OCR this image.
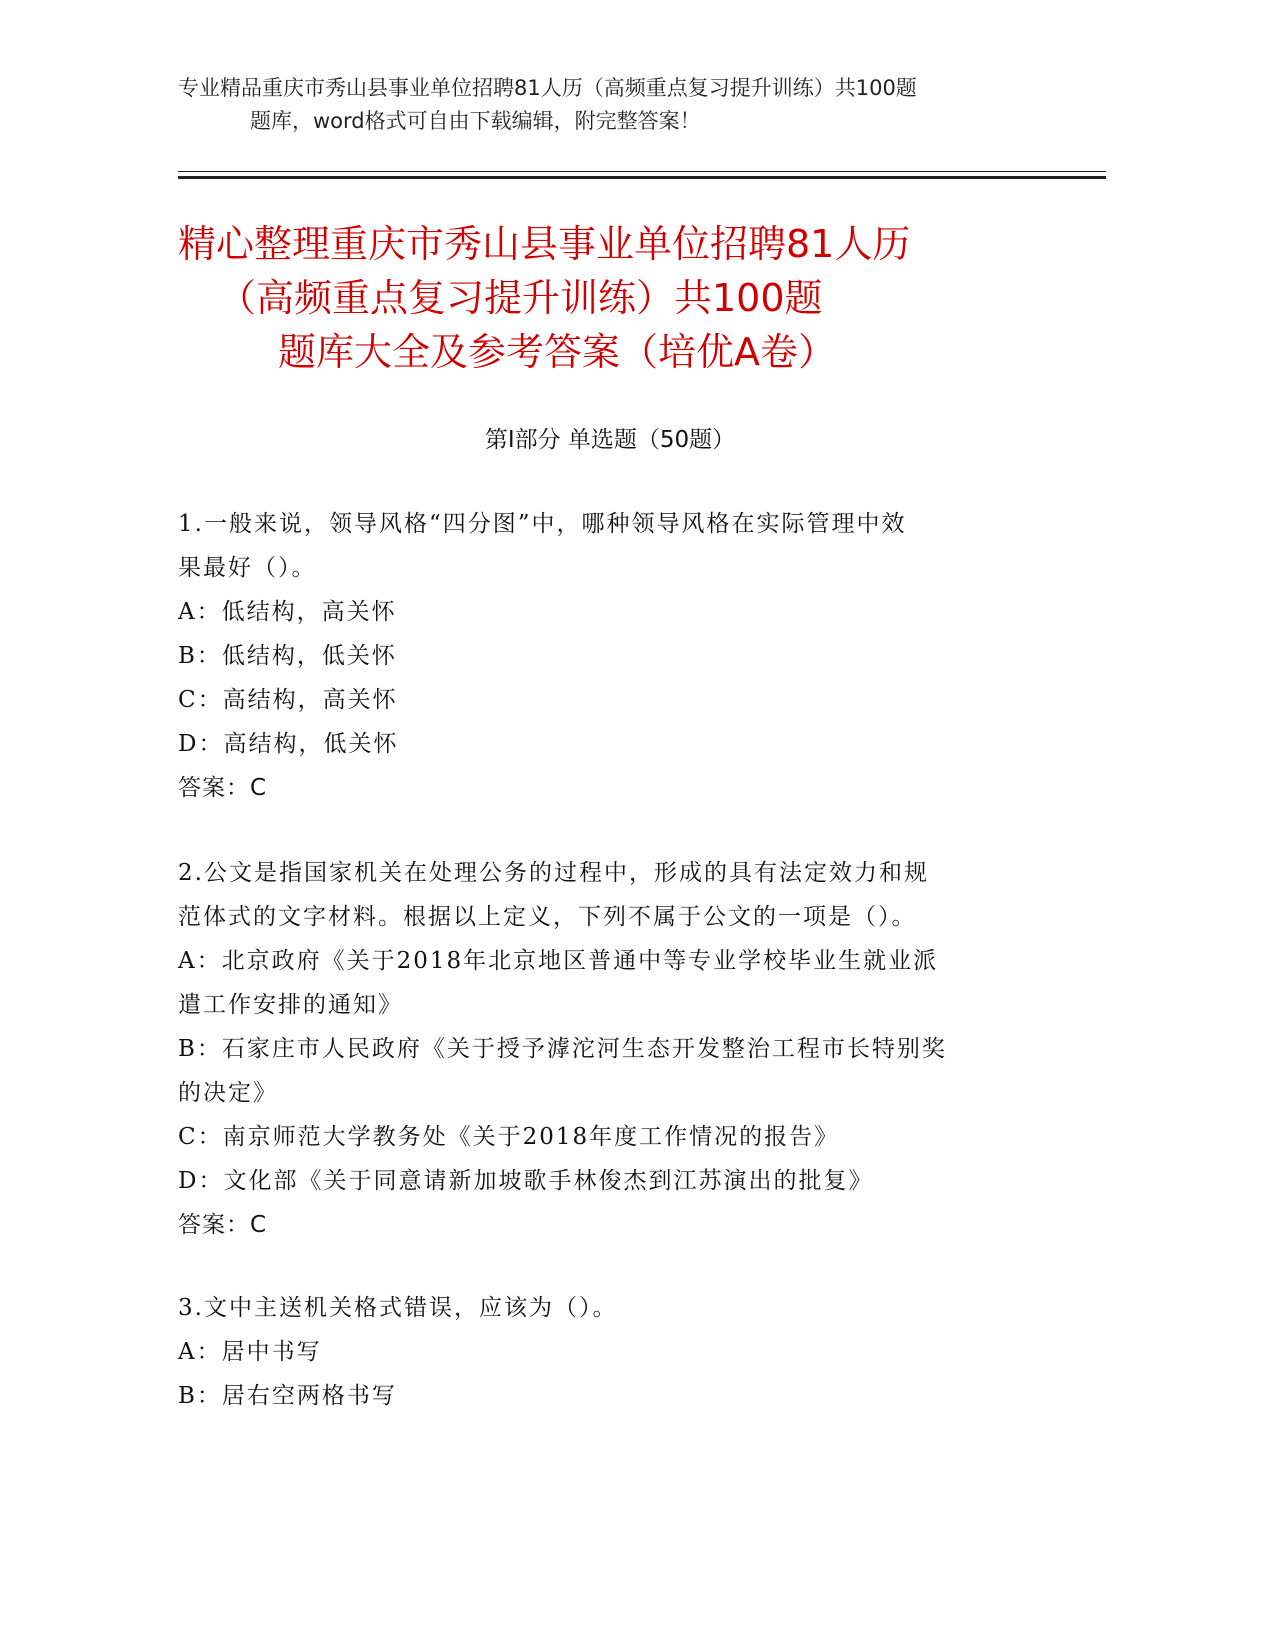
专业精品重庆市秀山县事业单位招聘81人历（高频重点复习提升训练）共100题
题库，word格式可自由下载编辑，附完整答案！
精心整理重庆市秀山县事业单位招聘81人历
（高频重点复习提升训练）共100题
题库大全及参考答案（培优A卷）
第Ⅰ部分 单选题（50题）
1.一般来说，领导风格“四分图”中，哪种领导风格在实际管理中效
果最好（）。
A：低结构，高关怀
B：低结构，低关怀
C：高结构，高关怀
D：高结构，低关怀
答案：C
2.公文是指国家机关在处理公务的过程中，形成的具有法定效力和规
范体式的文字材料。根据以上定义，下列不属于公文的一项是（）。
A：北京政府《关于2018年北京地区普通中等专业学校毕业生就业派
遣工作安排的通知》
B：石家庄市人民政府《关于授予滹沱河生态开发整治工程市长特别奖
的决定》
C：南京师范大学教务处《关于2018年度工作情况的报告》
D：文化部《关于同意请新加坡歌手林俊杰到江苏演出的批复》
答案：C
3.文中主送机关格式错误，应该为（）。
A：居中书写
B：居右空两格书写
